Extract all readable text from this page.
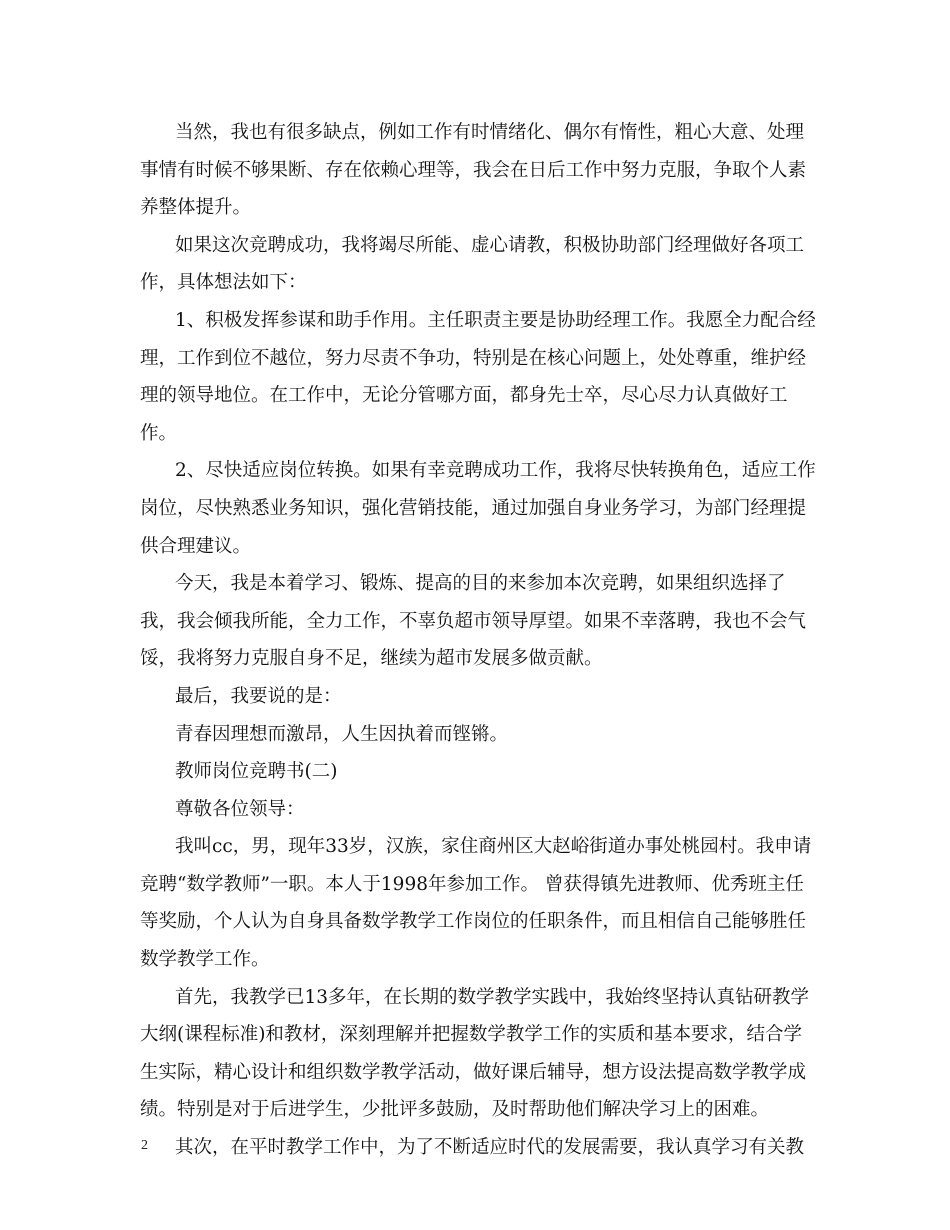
当然，我也有很多缺点，例如工作有时情绪化、偶尔有惰性，粗心大意、处理事情有时候不够果断、存在依赖心理等，我会在日后工作中努力克服，争取个人素养整体提升。

如果这次竞聘成功，我将竭尽所能、虚心请教，积极协助部门经理做好各项工作，具体想法如下：

1、积极发挥参谋和助手作用。主任职责主要是协助经理工作。我愿全力配合经理，工作到位不越位，努力尽责不争功，特别是在核心问题上，处处尊重，维护经理的领导地位。在工作中，无论分管哪方面，都身先士卒，尽心尽力认真做好工作。

2、尽快适应岗位转换。如果有幸竞聘成功工作，我将尽快转换角色，适应工作岗位，尽快熟悉业务知识，强化营销技能，通过加强自身业务学习，为部门经理提供合理建议。

今天，我是本着学习、锻炼、提高的目的来参加本次竞聘，如果组织选择了我，我会倾我所能，全力工作，不辜负超市领导厚望。如果不幸落聘，我也不会气馁，我将努力克服自身不足，继续为超市发展多做贡献。

最后，我要说的是：

青春因理想而激昂，人生因执着而铿锵。

教师岗位竞聘书(二)

尊敬各位领导：

我叫cc，男，现年33岁，汉族，家住商州区大赵峪街道办事处桃园村。我申请竞聘“数学教师”一职。本人于1998年参加工作。 曾获得镇先进教师、优秀班主任等奖励，个人认为自身具备数学教学工作岗位的任职条件，而且相信自己能够胜任数学教学工作。

首先，我教学已13多年，在长期的数学教学实践中，我始终坚持认真钻研教学大纲(课程标准)和教材，深刻理解并把握数学教学工作的实质和基本要求，结合学生实际，精心设计和组织数学教学活动，做好课后辅导，想方设法提高数学教学成绩。特别是对于后进学生，少批评多鼓励，及时帮助他们解决学习上的困难。

其次，在平时教学工作中，为了不断适应时代的发展需要，我认真学习有关教

2
